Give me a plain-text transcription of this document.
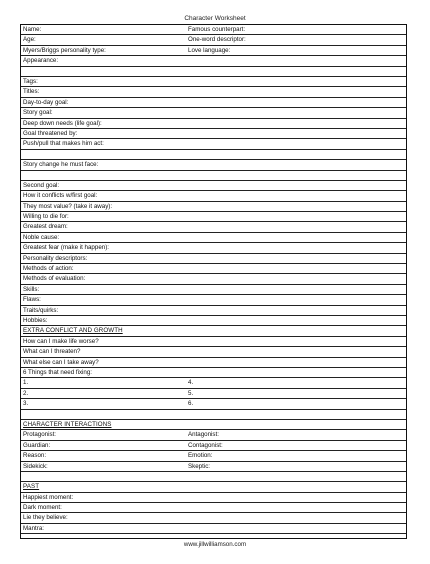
Character Worksheet
Name:	Famous counterpart:
Age:	One-word descriptor:
Myers/Briggs personality type:	Love language:
Appearance:
Tags:
Titles:
Day-to-day goal:
Story goal:
Deep down needs (life goal):
Goal threatened by:
Push/pull that makes him act:
Story change he must face:
Second goal:
How it conflicts w/first goal:
They most value? (take it away):
Willing to die for:
Greatest dream:
Noble cause:
Greatest fear (make it happen):
Personality descriptors:
Methods of action:
Methods of evaluation:
Skills:
Flaws:
Traits/quirks:
Hobbies:
EXTRA CONFLICT AND GROWTH
How can I make life worse?
What can I threaten?
What else can I take away?
6 Things that need fixing:
1.	4.
2.	5.
3.	6.
CHARACTER INTERACTIONS
Protagonist:	Antagonist:
Guardian:	Contagonist:
Reason:	Emotion:
Sidekick:	Skeptic:
PAST
Happiest moment:
Dark moment:
Lie they believe:
Mantra:
www.jillwilliamson.com
